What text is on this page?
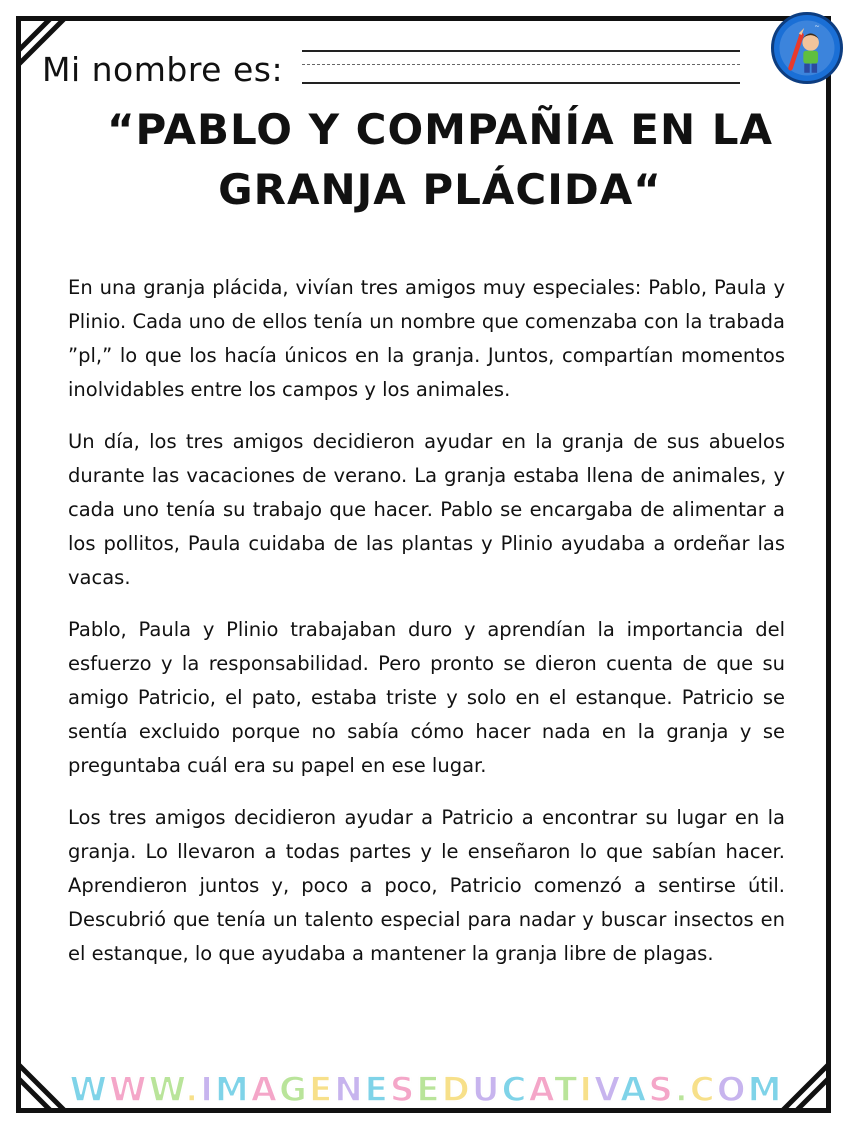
Mi nombre es:
~
“PABLO Y COMPAÑÍA EN LA
GRANJA PLÁCIDA“

En una granja plácida, vivían tres amigos muy especiales: Pablo, Paula y Plinio. Cada uno de ellos tenía un nombre que comenzaba con la trabada ”pl,” lo que los hacía únicos en la granja. Juntos, compartían momentos inolvidables entre los campos y los animales.

Un día, los tres amigos decidieron ayudar en la granja de sus abuelos durante las vacaciones de verano. La granja estaba llena de animales, y cada uno tenía su trabajo que hacer. Pablo se encargaba de alimentar a los pollitos, Paula cuidaba de las plantas y Plinio ayudaba a ordeñar las vacas.

Pablo, Paula y Plinio trabajaban duro y aprendían la importancia del esfuerzo y la responsabilidad. Pero pronto se dieron cuenta de que su amigo Patricio, el pato, estaba triste y solo en el estanque. Patricio se sentía excluido porque no sabía cómo hacer nada en la granja y se preguntaba cuál era su papel en ese lugar.

Los tres amigos decidieron ayudar a Patricio a encontrar su lugar en la granja. Lo llevaron a todas partes y le enseñaron lo que sabían hacer. Aprendieron juntos y, poco a poco, Patricio comenzó a sentirse útil. Descubrió que tenía un talento especial para nadar y buscar insectos en el estanque, lo que ayudaba a mantener la granja libre de plagas.

WWW.IMAGENESEDUCATIVAS.COM
